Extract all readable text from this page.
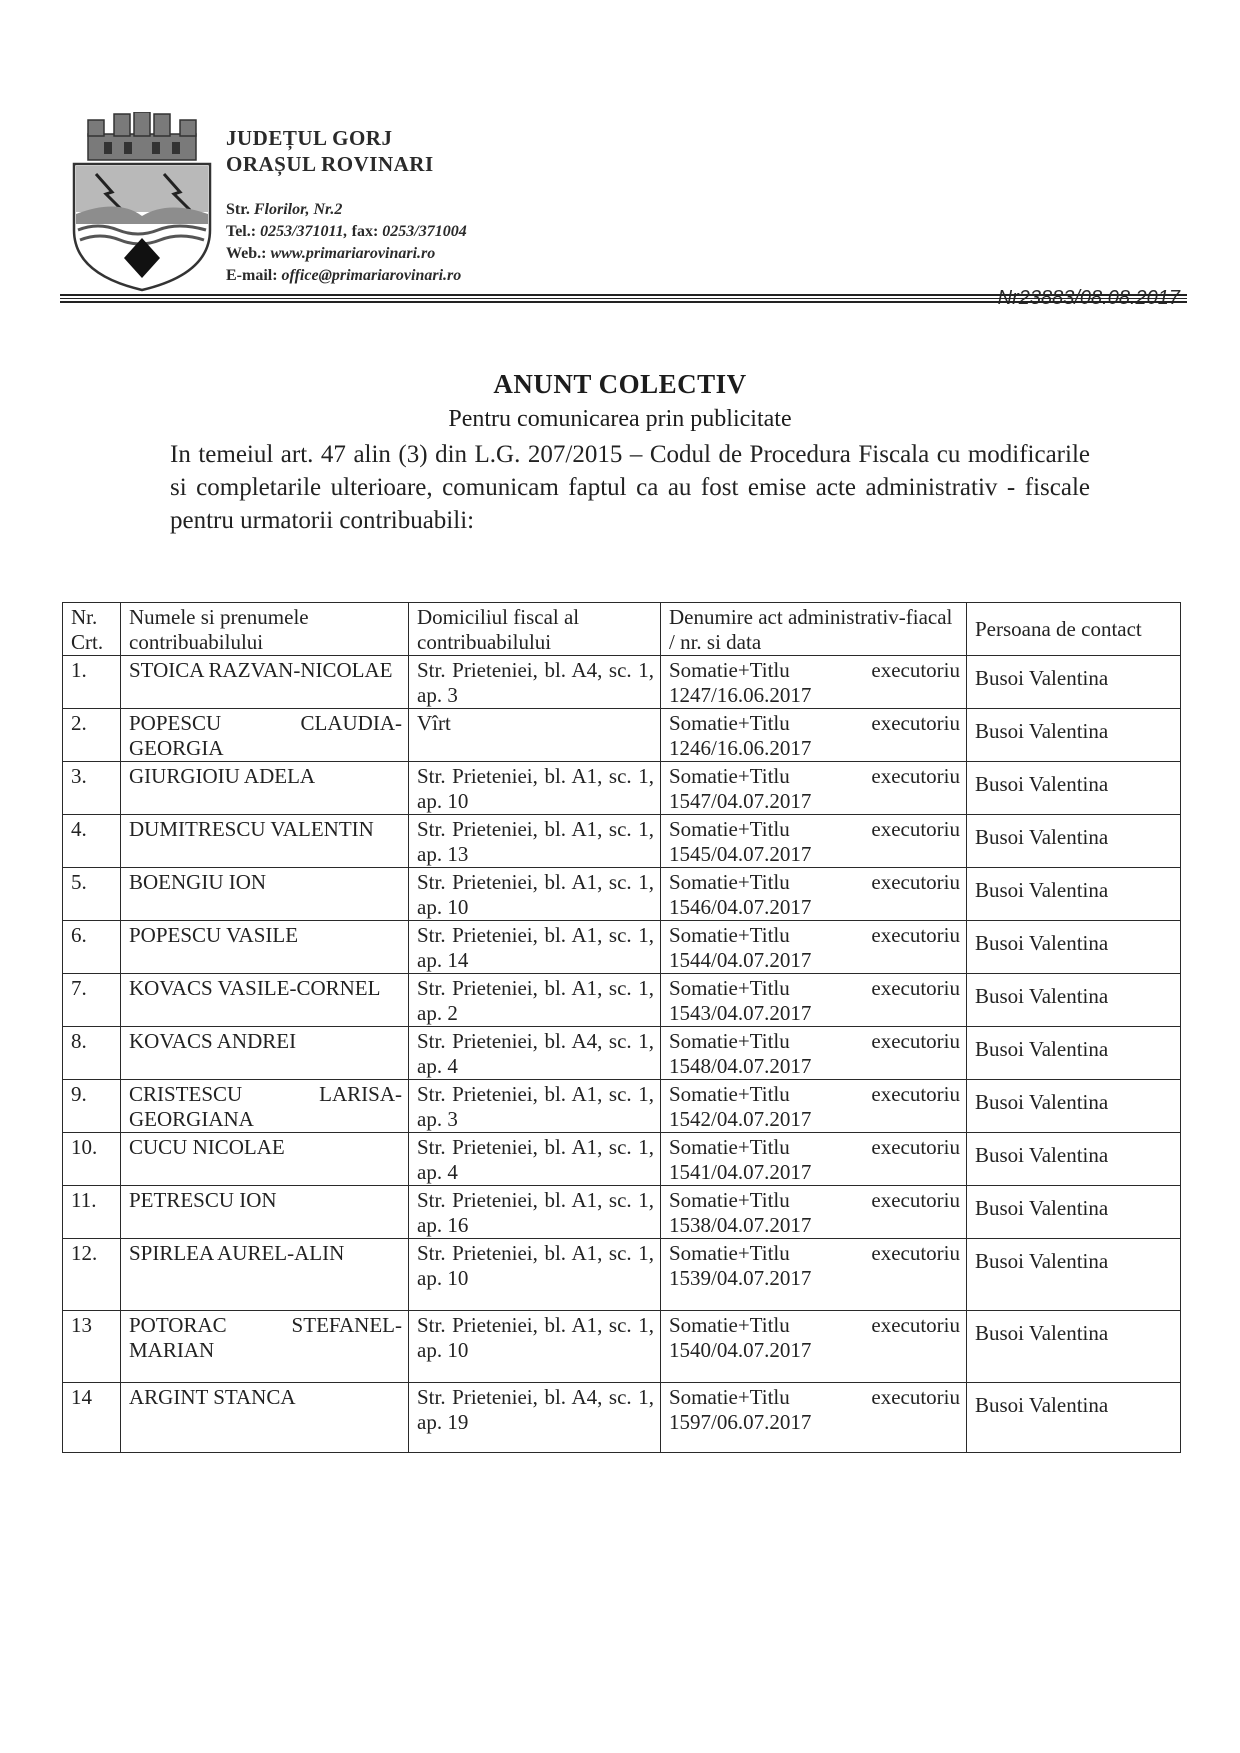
JUDEȚUL GORJ
ORAȘUL ROVINARI
Str. Florilor, Nr.2
Tel.: 0253/371011, fax: 0253/371004
Web.: www.primariarovinari.ro
E-mail: office@primariarovinari.ro
ANUNT COLECTIV
Pentru comunicarea prin publicitate
In temeiul art. 47 alin (3) din L.G. 207/2015 – Codul de Procedura Fiscala cu modificarile si completarile ulterioare, comunicam faptul ca au fost emise acte administrativ - fiscale pentru urmatorii contribuabili:
Nr. Crt.	Numele si prenumele contribuabilului	Domiciliul fiscal al contribuabilului	Denumire act administrativ-fiacal / nr. si data	Persoana de contact
1.	STOICA RAZVAN-NICOLAE	Str. Prieteniei, bl. A4, sc. 1, ap. 3	Somatie+Titlu executoriu 1247/16.06.2017	Busoi Valentina
2.	POPESCU CLAUDIA-GEORGIA	Vîrt	Somatie+Titlu executoriu 1246/16.06.2017	Busoi Valentina
3.	GIURGIOIU ADELA	Str. Prieteniei, bl. A1, sc. 1, ap. 10	Somatie+Titlu executoriu 1547/04.07.2017	Busoi Valentina
4.	DUMITRESCU VALENTIN	Str. Prieteniei, bl. A1, sc. 1, ap. 13	Somatie+Titlu executoriu 1545/04.07.2017	Busoi Valentina
5.	BOENGIU ION	Str. Prieteniei, bl. A1, sc. 1, ap. 10	Somatie+Titlu executoriu 1546/04.07.2017	Busoi Valentina
6.	POPESCU VASILE	Str. Prieteniei, bl. A1, sc. 1, ap. 14	Somatie+Titlu executoriu 1544/04.07.2017	Busoi Valentina
7.	KOVACS VASILE-CORNEL	Str. Prieteniei, bl. A1, sc. 1, ap. 2	Somatie+Titlu executoriu 1543/04.07.2017	Busoi Valentina
8.	KOVACS ANDREI	Str. Prieteniei, bl. A4, sc. 1, ap. 4	Somatie+Titlu executoriu 1548/04.07.2017	Busoi Valentina
9.	CRISTESCU LARISA-GEORGIANA	Str. Prieteniei, bl. A1, sc. 1, ap. 3	Somatie+Titlu executoriu 1542/04.07.2017	Busoi Valentina
10.	CUCU NICOLAE	Str. Prieteniei, bl. A1, sc. 1, ap. 4	Somatie+Titlu executoriu 1541/04.07.2017	Busoi Valentina
11.	PETRESCU ION	Str. Prieteniei, bl. A1, sc. 1, ap. 16	Somatie+Titlu executoriu 1538/04.07.2017	Busoi Valentina
12.	SPIRLEA AUREL-ALIN	Str. Prieteniei, bl. A1, sc. 1, ap. 10	Somatie+Titlu executoriu 1539/04.07.2017	Busoi Valentina
13	POTORAC STEFANEL-MARIAN	Str. Prieteniei, bl. A1, sc. 1, ap. 10	Somatie+Titlu executoriu 1540/04.07.2017	Busoi Valentina
14	ARGINT STANCA	Str. Prieteniei, bl. A4, sc. 1, ap. 19	Somatie+Titlu executoriu 1597/06.07.2017	Busoi Valentina
